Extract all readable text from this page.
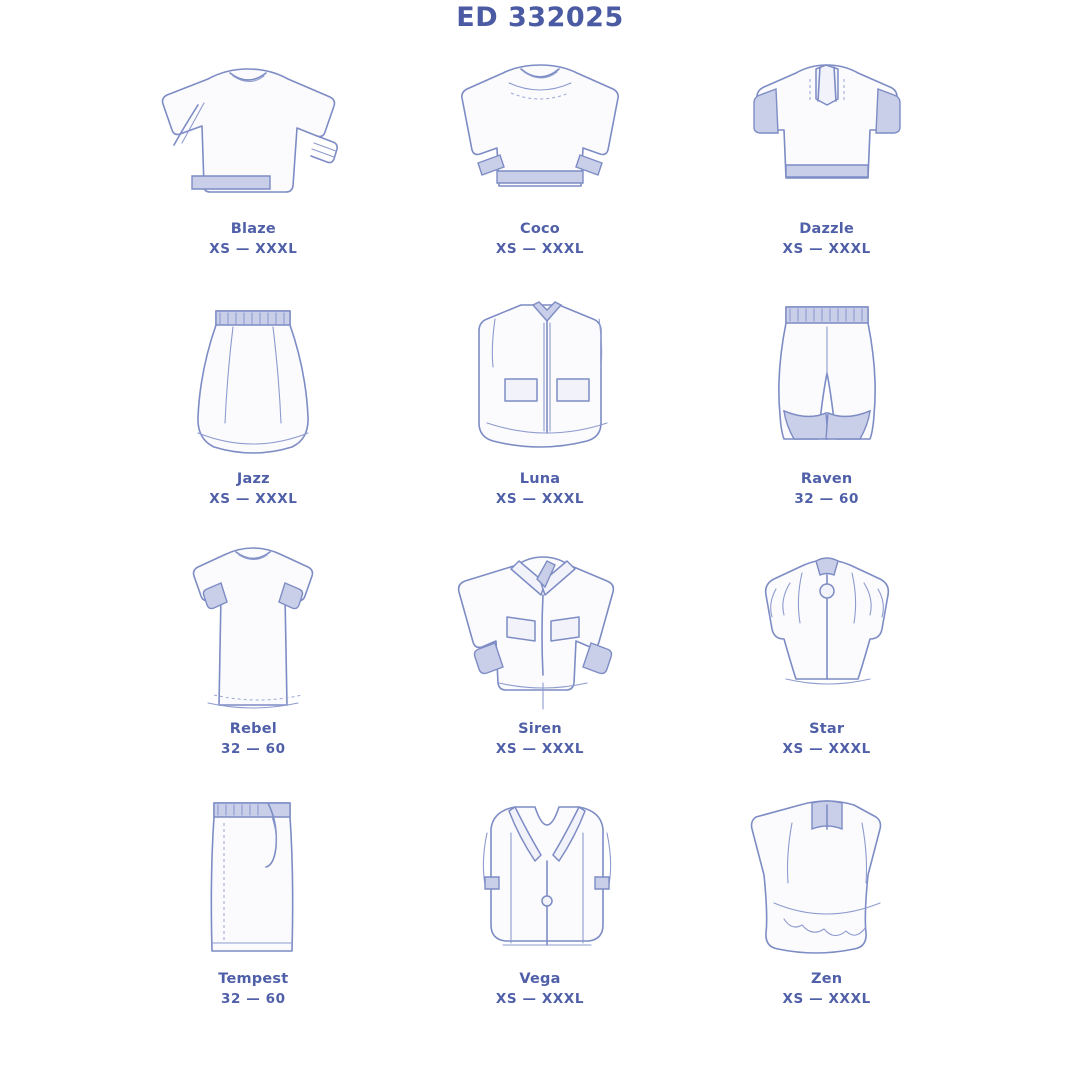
ED 332025
Blaze
XS — XXXL
Coco
XS — XXXL
Dazzle
XS — XXXL
Jazz
XS — XXXL
Luna
XS — XXXL
Raven
32 — 60
Rebel
32 — 60
Siren
XS — XXXL
Star
XS — XXXL
Tempest
32 — 60
Vega
XS — XXXL
Zen
XS — XXXL
